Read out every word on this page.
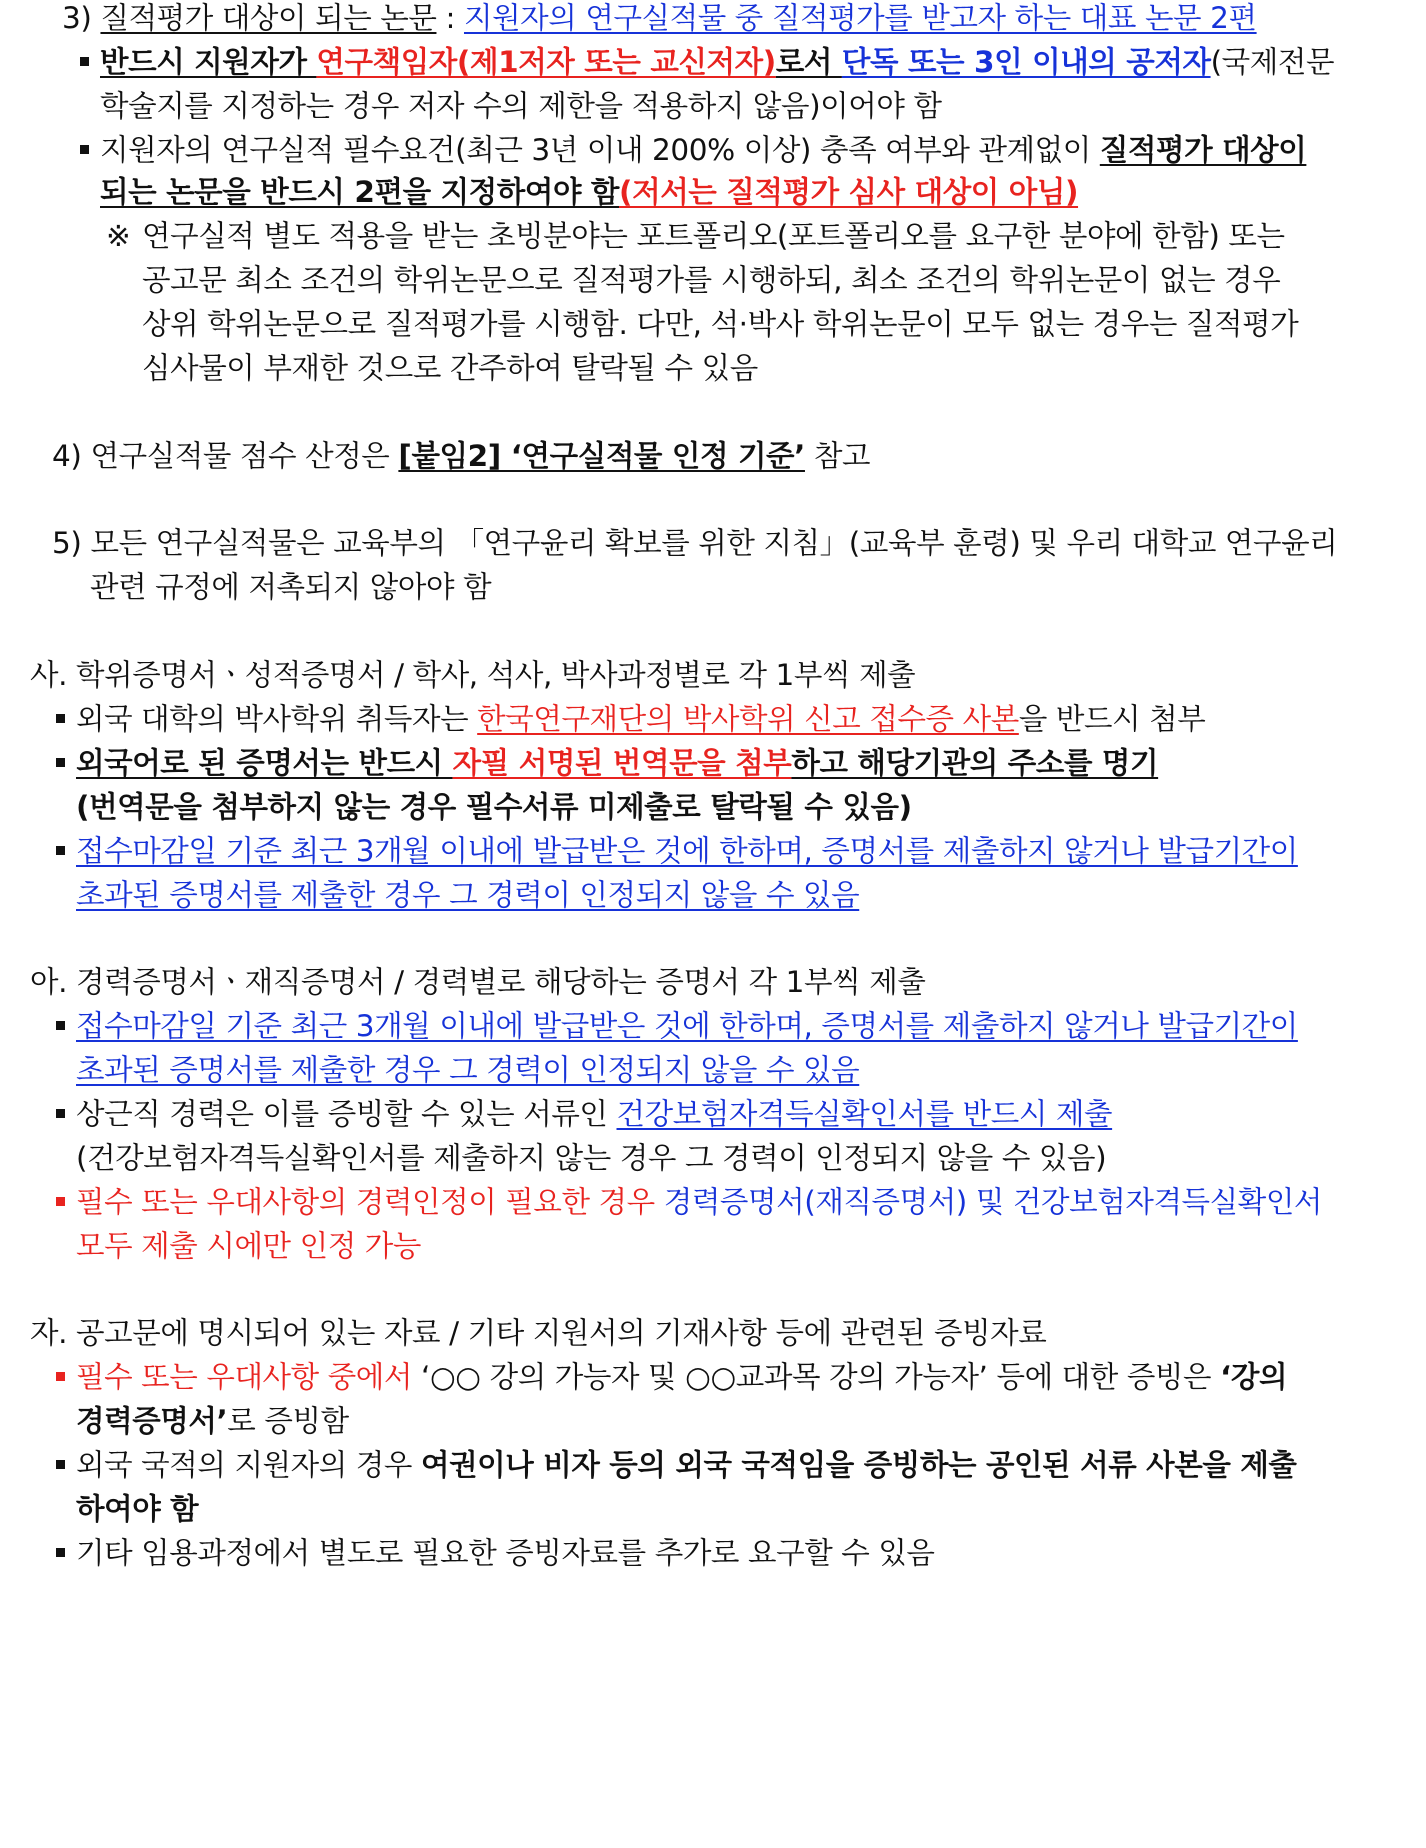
3) 질적평가 대상이 되는 논문 : 지원자의 연구실적물 중 질적평가를 받고자 하는 대표 논문 2편
반드시 지원자가 연구책임자(제1저자 또는 교신저자)로서 단독 또는 3인 이내의 공저자(국제전문
학술지를 지정하는 경우 저자 수의 제한을 적용하지 않음)이어야 함
지원자의 연구실적 필수요건(최근 3년 이내 200% 이상) 충족 여부와 관계없이 질적평가 대상이
되는 논문을 반드시 2편을 지정하여야 함(저서는 질적평가 심사 대상이 아님)
※ 연구실적 별도 적용을 받는 초빙분야는 포트폴리오(포트폴리오를 요구한 분야에 한함) 또는
공고문 최소 조건의 학위논문으로 질적평가를 시행하되, 최소 조건의 학위논문이 없는 경우
상위 학위논문으로 질적평가를 시행함. 다만, 석·박사 학위논문이 모두 없는 경우는 질적평가
심사물이 부재한 것으로 간주하여 탈락될 수 있음
4) 연구실적물 점수 산정은 [붙임2] ‘연구실적물 인정 기준’ 참고
5) 모든 연구실적물은 교육부의 「연구윤리 확보를 위한 지침」(교육부 훈령) 및 우리 대학교 연구윤리
관련 규정에 저촉되지 않아야 함
사. 학위증명서ㆍ성적증명서 / 학사, 석사, 박사과정별로 각 1부씩 제출
외국 대학의 박사학위 취득자는 한국연구재단의 박사학위 신고 접수증 사본을 반드시 첨부
외국어로 된 증명서는 반드시 자필 서명된 번역문을 첨부하고 해당기관의 주소를 명기
(번역문을 첨부하지 않는 경우 필수서류 미제출로 탈락될 수 있음)
접수마감일 기준 최근 3개월 이내에 발급받은 것에 한하며, 증명서를 제출하지 않거나 발급기간이
초과된 증명서를 제출한 경우 그 경력이 인정되지 않을 수 있음
아. 경력증명서ㆍ재직증명서 / 경력별로 해당하는 증명서 각 1부씩 제출
접수마감일 기준 최근 3개월 이내에 발급받은 것에 한하며, 증명서를 제출하지 않거나 발급기간이
초과된 증명서를 제출한 경우 그 경력이 인정되지 않을 수 있음
상근직 경력은 이를 증빙할 수 있는 서류인 건강보험자격득실확인서를 반드시 제출
(건강보험자격득실확인서를 제출하지 않는 경우 그 경력이 인정되지 않을 수 있음)
필수 또는 우대사항의 경력인정이 필요한 경우 경력증명서(재직증명서) 및 건강보험자격득실확인서
모두 제출 시에만 인정 가능
자. 공고문에 명시되어 있는 자료 / 기타 지원서의 기재사항 등에 관련된 증빙자료
필수 또는 우대사항 중에서 ‘○○ 강의 가능자 및 ○○교과목 강의 가능자’ 등에 대한 증빙은 ‘강의
경력증명서’로 증빙함
외국 국적의 지원자의 경우 여권이나 비자 등의 외국 국적임을 증빙하는 공인된 서류 사본을 제출
하여야 함
기타 임용과정에서 별도로 필요한 증빙자료를 추가로 요구할 수 있음
